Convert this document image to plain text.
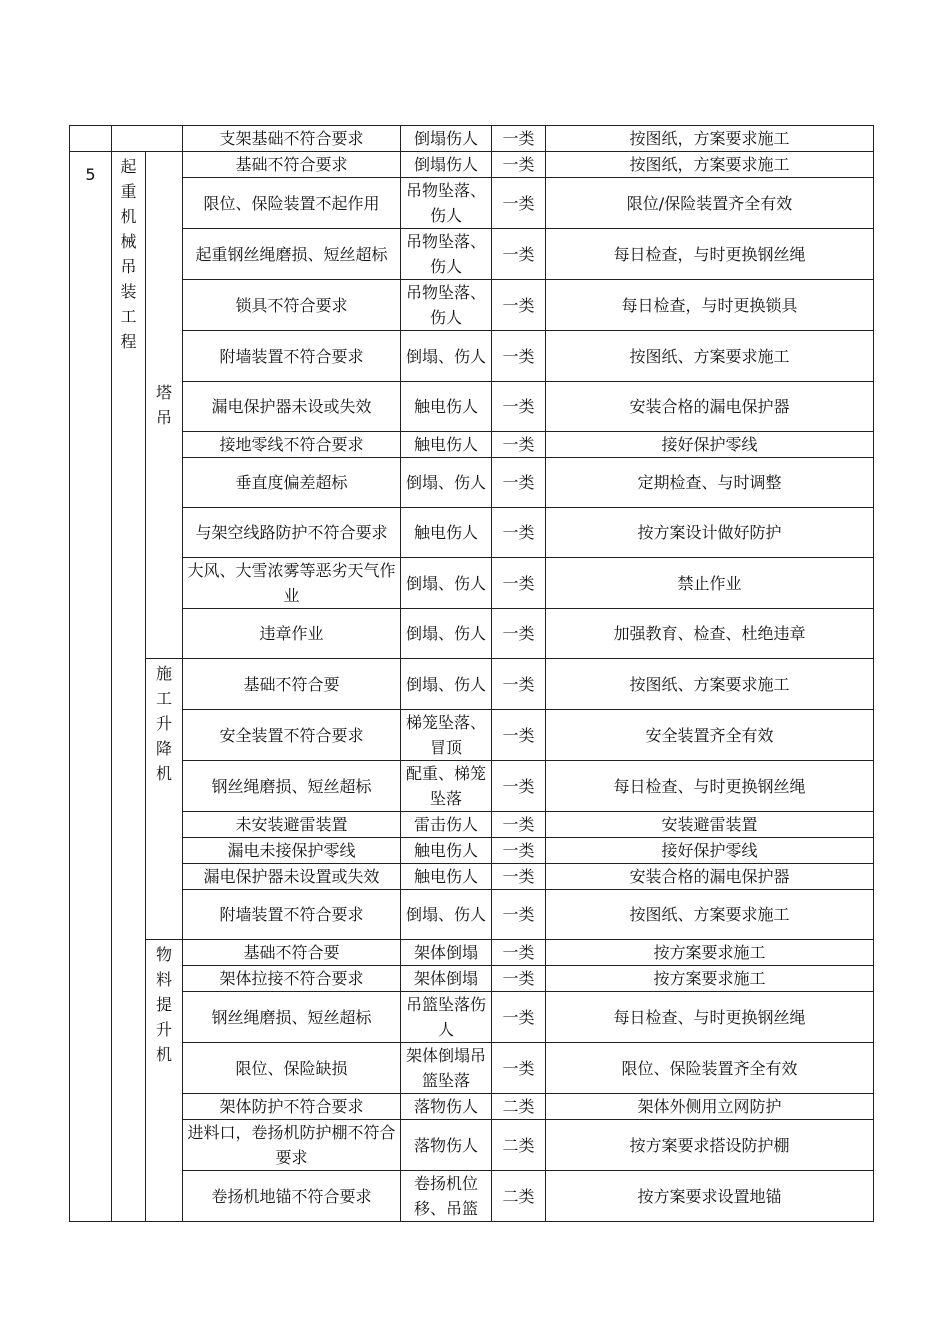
			支架基础不符合要求	倒塌伤人	一类	按图纸，方案要求施工
5	起重机械吊装工程	塔吊	基础不符合要求	倒塌伤人	一类	按图纸，方案要求施工
			限位、保险装置不起作用	吊物坠落、伤人	一类	限位/保险装置齐全有效
			起重钢丝绳磨损、短丝超标	吊物坠落、伤人	一类	每日检查，与时更换钢丝绳
			锁具不符合要求	吊物坠落、伤人	一类	每日检查，与时更换锁具
			附墙装置不符合要求	倒塌、伤人	一类	按图纸、方案要求施工
			漏电保护器未设或失效	触电伤人	一类	安装合格的漏电保护器
			接地零线不符合要求	触电伤人	一类	接好保护零线
			垂直度偏差超标	倒塌、伤人	一类	定期检查、与时调整
			与架空线路防护不符合要求	触电伤人	一类	按方案设计做好防护
			大风、大雪浓雾等恶劣天气作业	倒塌、伤人	一类	禁止作业
			违章作业	倒塌、伤人	一类	加强教育、检查、杜绝违章
		施工升降机	基础不符合要	倒塌、伤人	一类	按图纸、方案要求施工
			安全装置不符合要求	梯笼坠落、冒顶	一类	安全装置齐全有效
			钢丝绳磨损、短丝超标	配重、梯笼坠落	一类	每日检查、与时更换钢丝绳
			未安装避雷装置	雷击伤人	一类	安装避雷装置
			漏电未接保护零线	触电伤人	一类	接好保护零线
			漏电保护器未设置或失效	触电伤人	一类	安装合格的漏电保护器
			附墙装置不符合要求	倒塌、伤人	一类	按图纸、方案要求施工
		物料提升机	基础不符合要	架体倒塌	一类	按方案要求施工
			架体拉接不符合要求	架体倒塌	一类	按方案要求施工
			钢丝绳磨损、短丝超标	吊篮坠落伤人	一类	每日检查、与时更换钢丝绳
			限位、保险缺损	架体倒塌吊篮坠落	一类	限位、保险装置齐全有效
			架体防护不符合要求	落物伤人	二类	架体外侧用立网防护
			进料口，卷扬机防护棚不符合要求	落物伤人	二类	按方案要求搭设防护棚
			卷扬机地锚不符合要求	卷扬机位移、吊篮	二类	按方案要求设置地锚
